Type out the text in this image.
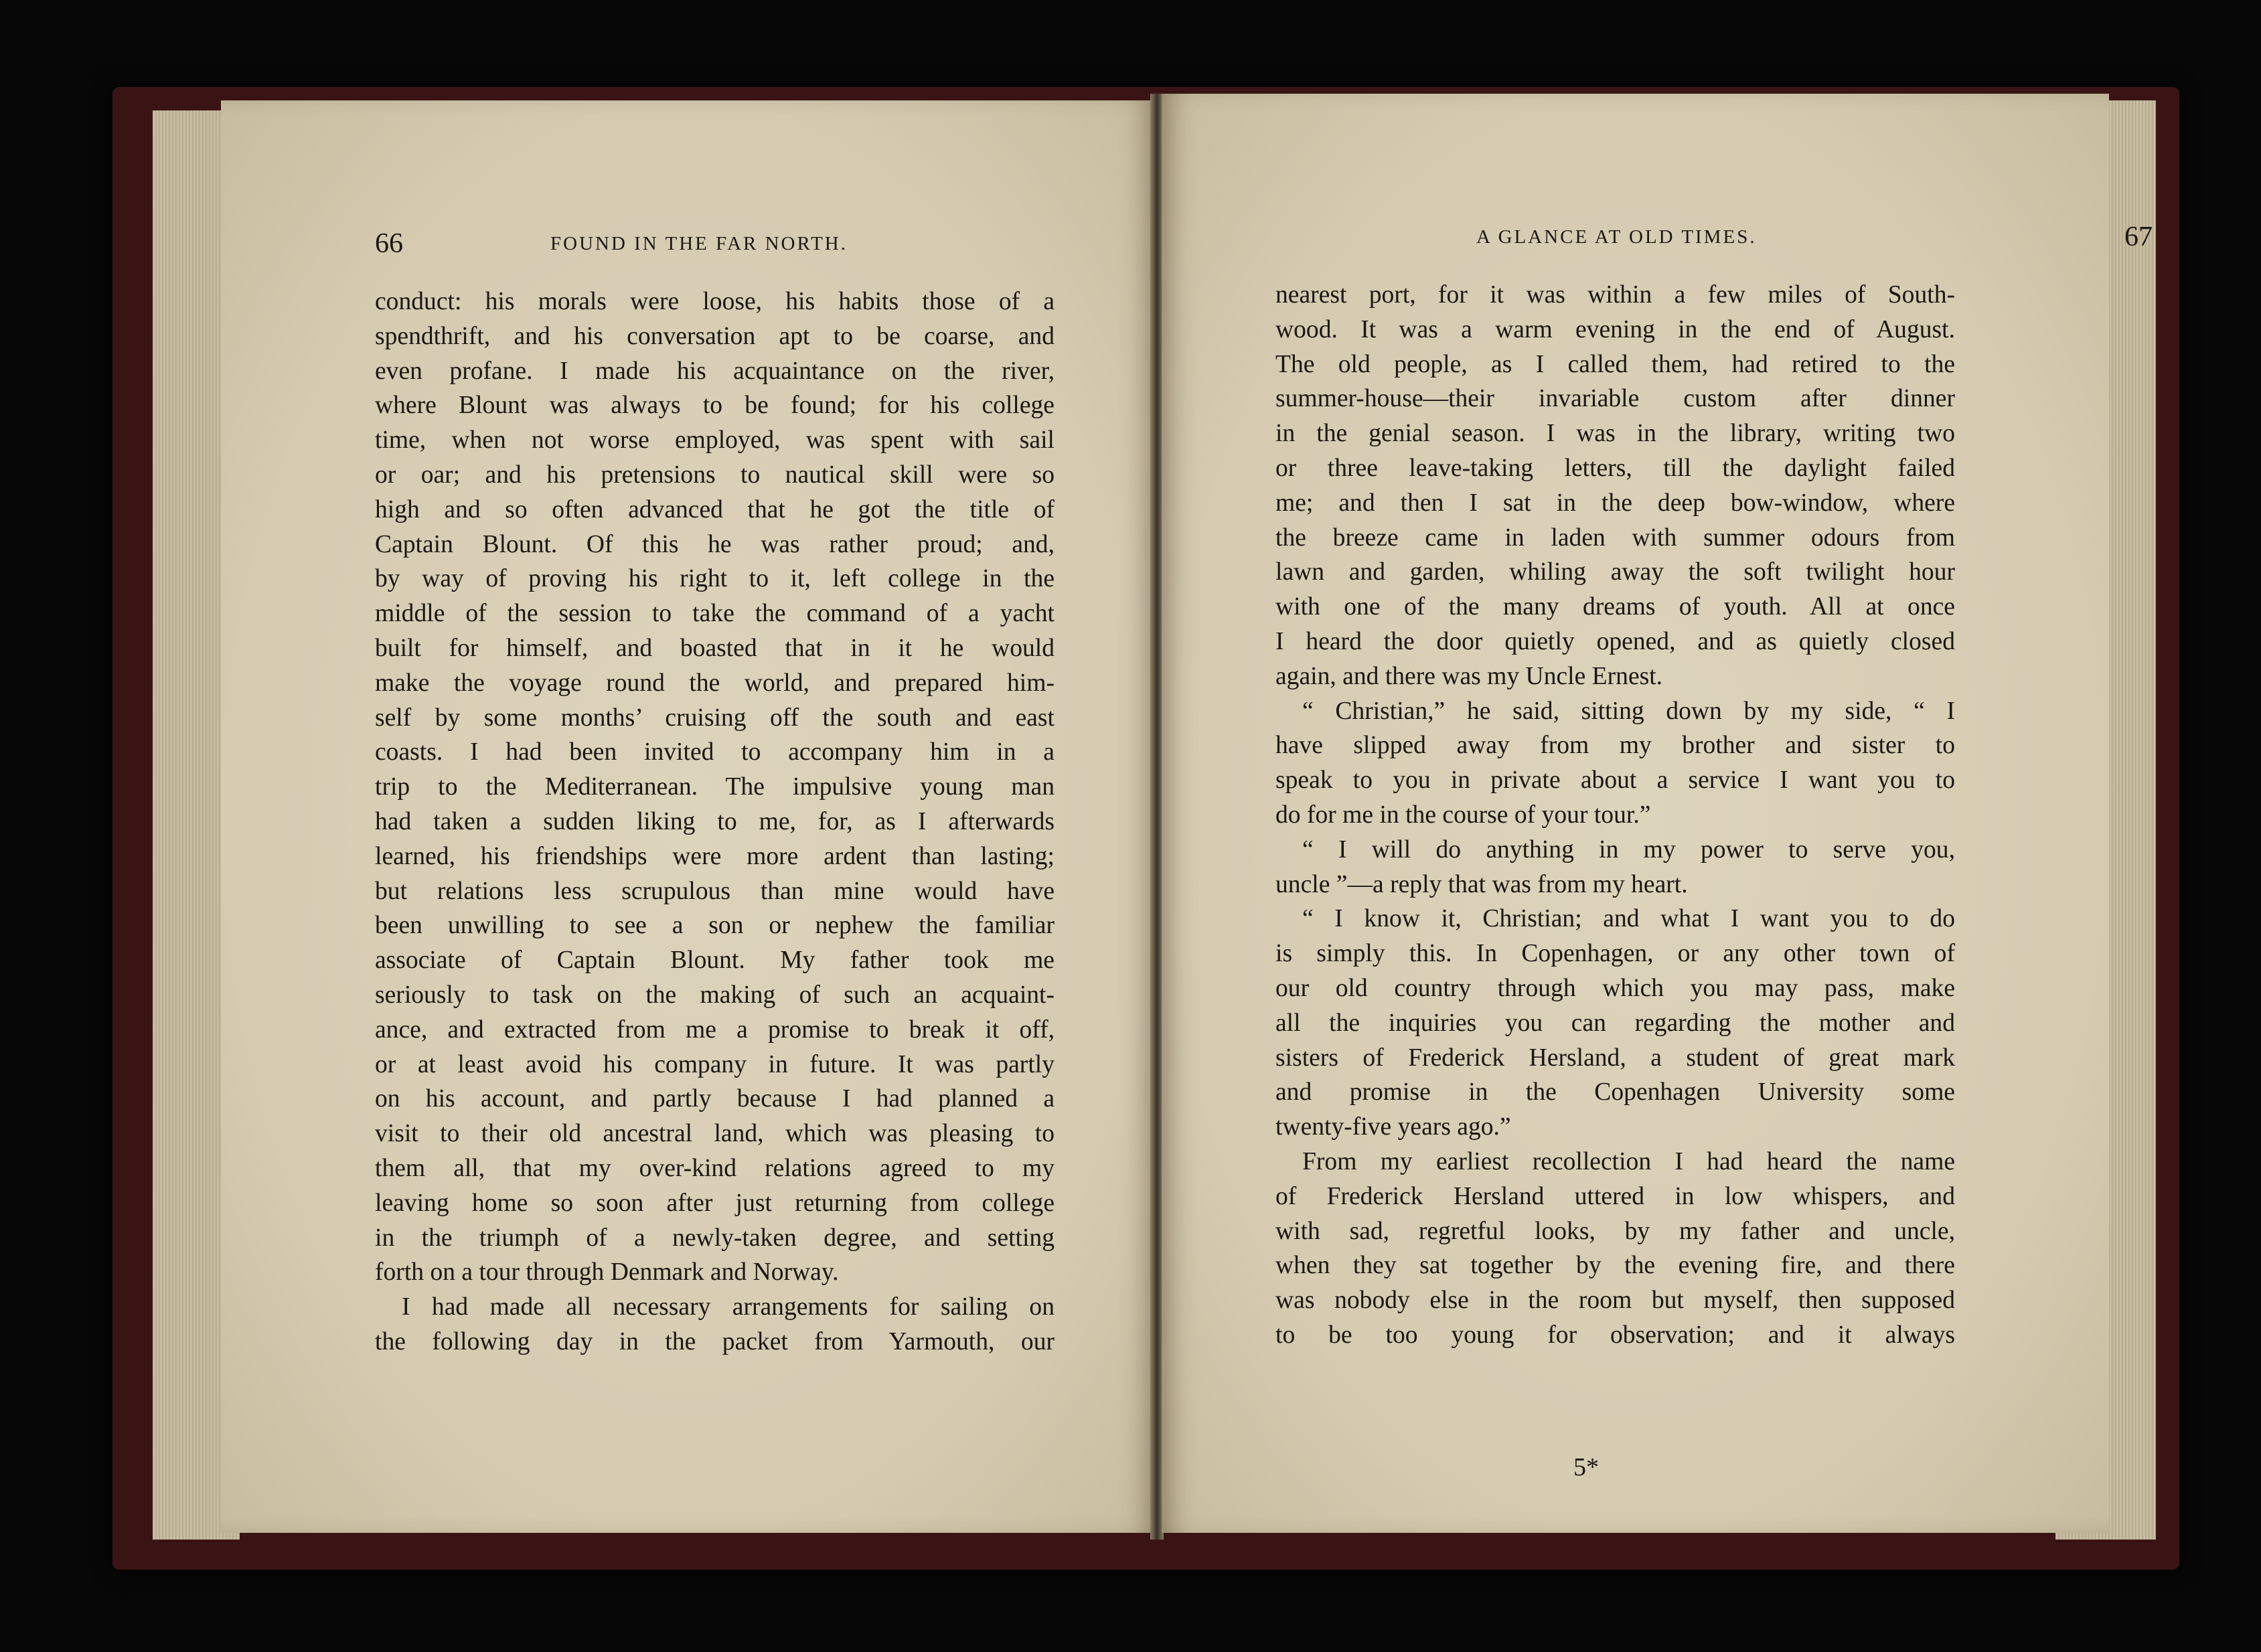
66	FOUND IN THE FAR NORTH.
conduct: his morals were loose, his habits those of a
spendthrift, and his conversation apt to be coarse, and
even profane. I made his acquaintance on the river,
where Blount was always to be found; for his college
time, when not worse employed, was spent with sail
or oar; and his pretensions to nautical skill were so
high and so often advanced that he got the title of
Captain Blount. Of this he was rather proud; and,
by way of proving his right to it, left college in the
middle of the session to take the command of a yacht
built for himself, and boasted that in it he would
make the voyage round the world, and prepared him-
self by some months’ cruising off the south and east
coasts. I had been invited to accompany him in a
trip to the Mediterranean. The impulsive young man
had taken a sudden liking to me, for, as I afterwards
learned, his friendships were more ardent than lasting;
but relations less scrupulous than mine would have
been unwilling to see a son or nephew the familiar
associate of Captain Blount. My father took me
seriously to task on the making of such an acquaint-
ance, and extracted from me a promise to break it off,
or at least avoid his company in future. It was partly
on his account, and partly because I had planned a
visit to their old ancestral land, which was pleasing to
them all, that my over-kind relations agreed to my
leaving home so soon after just returning from college
in the triumph of a newly-taken degree, and setting
forth on a tour through Denmark and Norway.
I had made all necessary arrangements for sailing on
the following day in the packet from Yarmouth, our
A GLANCE AT OLD TIMES.	67
nearest port, for it was within a few miles of South-
wood. It was a warm evening in the end of August.
The old people, as I called them, had retired to the
summer-house—their invariable custom after dinner
in the genial season. I was in the library, writing two
or three leave-taking letters, till the daylight failed
me; and then I sat in the deep bow-window, where
the breeze came in laden with summer odours from
lawn and garden, whiling away the soft twilight hour
with one of the many dreams of youth. All at once
I heard the door quietly opened, and as quietly closed
again, and there was my Uncle Ernest.
“ Christian,” he said, sitting down by my side, “ I
have slipped away from my brother and sister to
speak to you in private about a service I want you to
do for me in the course of your tour.”
“ I will do anything in my power to serve you,
uncle ”—a reply that was from my heart.
“ I know it, Christian; and what I want you to do
is simply this. In Copenhagen, or any other town of
our old country through which you may pass, make
all the inquiries you can regarding the mother and
sisters of Frederick Hersland, a student of great mark
and promise in the Copenhagen University some
twenty-five years ago.”
From my earliest recollection I had heard the name
of Frederick Hersland uttered in low whispers, and
with sad, regretful looks, by my father and uncle,
when they sat together by the evening fire, and there
was nobody else in the room but myself, then supposed
to be too young for observation; and it always
5*
